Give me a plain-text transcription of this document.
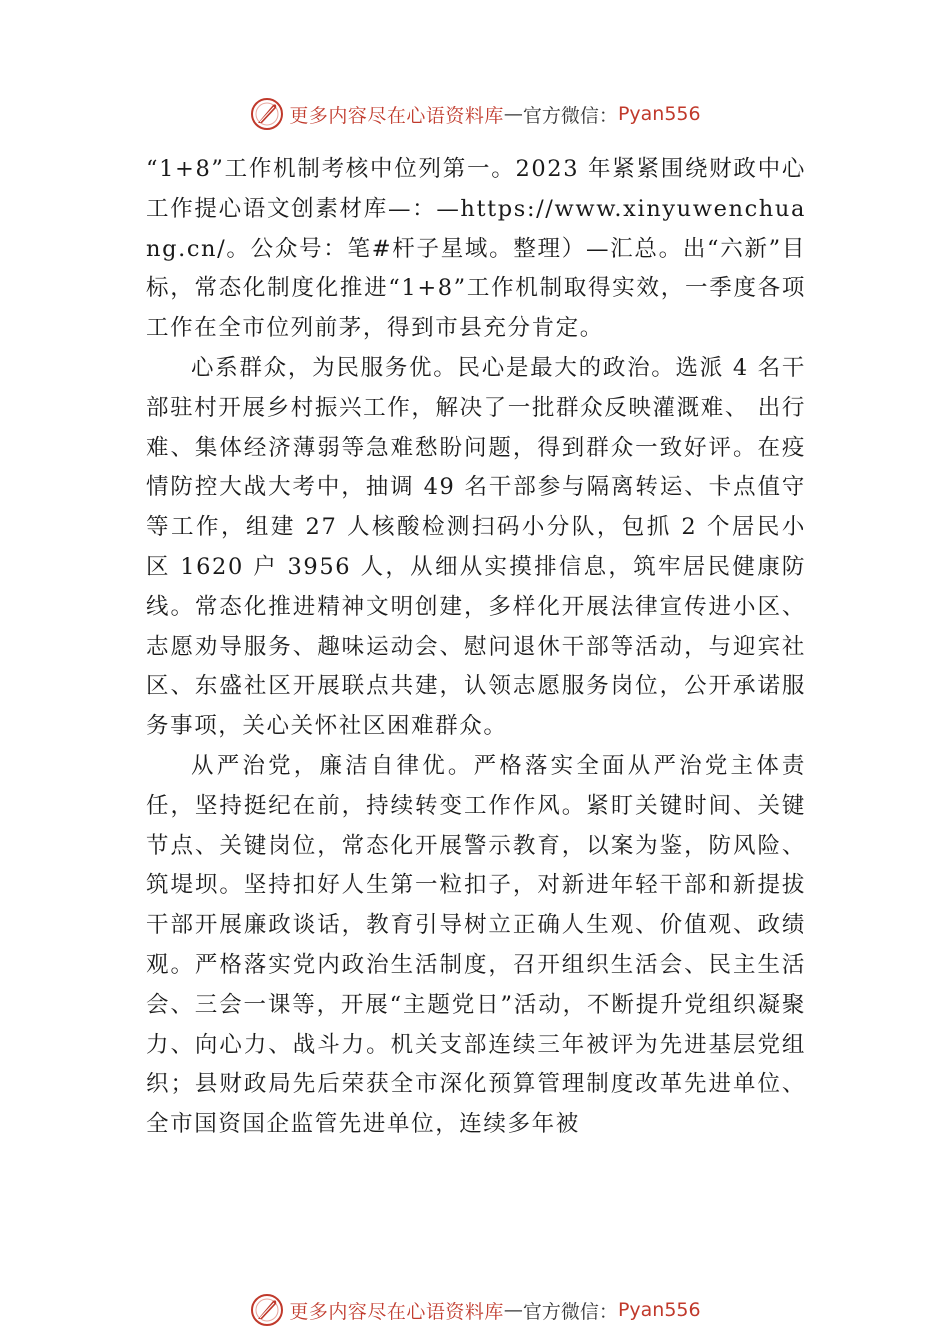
更多内容尽在心语资料库 — 官方微信： Pyan556

“1+8”工作机制考核中位列第一。2023 年紧紧围绕财政中心工作提心语文创素材库—：—https://www.xinyuwenchuang.cn/。公众号：笔#杆子星域。整理）—汇总。出“六新”目标，常态化制度化推进“1+8”工作机制取得实效，一季度各项工作在全市位列前茅，得到市县充分肯定。

心系群众，为民服务优。民心是最大的政治。选派 4 名干部驻村开展乡村振兴工作，解决了一批群众反映灌溉难、 出行难、集体经济薄弱等急难愁盼问题，得到群众一致好评。在疫情防控大战大考中，抽调 49 名干部参与隔离转运、卡点值守等工作，组建 27 人核酸检测扫码小分队，包抓 2 个居民小区 1620 户 3956 人，从细从实摸排信息，筑牢居民健康防线。常态化推进精神文明创建，多样化开展法律宣传进小区、志愿劝导服务、趣味运动会、慰问退休干部等活动，与迎宾社区、东盛社区开展联点共建，认领志愿服务岗位，公开承诺服务事项，关心关怀社区困难群众。

从严治党，廉洁自律优。严格落实全面从严治党主体责任，坚持挺纪在前，持续转变工作作风。紧盯关键时间、关键节点、关键岗位，常态化开展警示教育，以案为鉴，防风险、筑堤坝。坚持扣好人生第一粒扣子，对新进年轻干部和新提拔干部开展廉政谈话，教育引导树立正确人生观、价值观、政绩观。严格落实党内政治生活制度，召开组织生活会、民主生活会、三会一课等，开展“主题党日”活动，不断提升党组织凝聚力、向心力、战斗力。机关支部连续三年被评为先进基层党组织；县财政局先后荣获全市深化预算管理制度改革先进单位、全市国资国企监管先进单位，连续多年被

更多内容尽在心语资料库 — 官方微信： Pyan556
